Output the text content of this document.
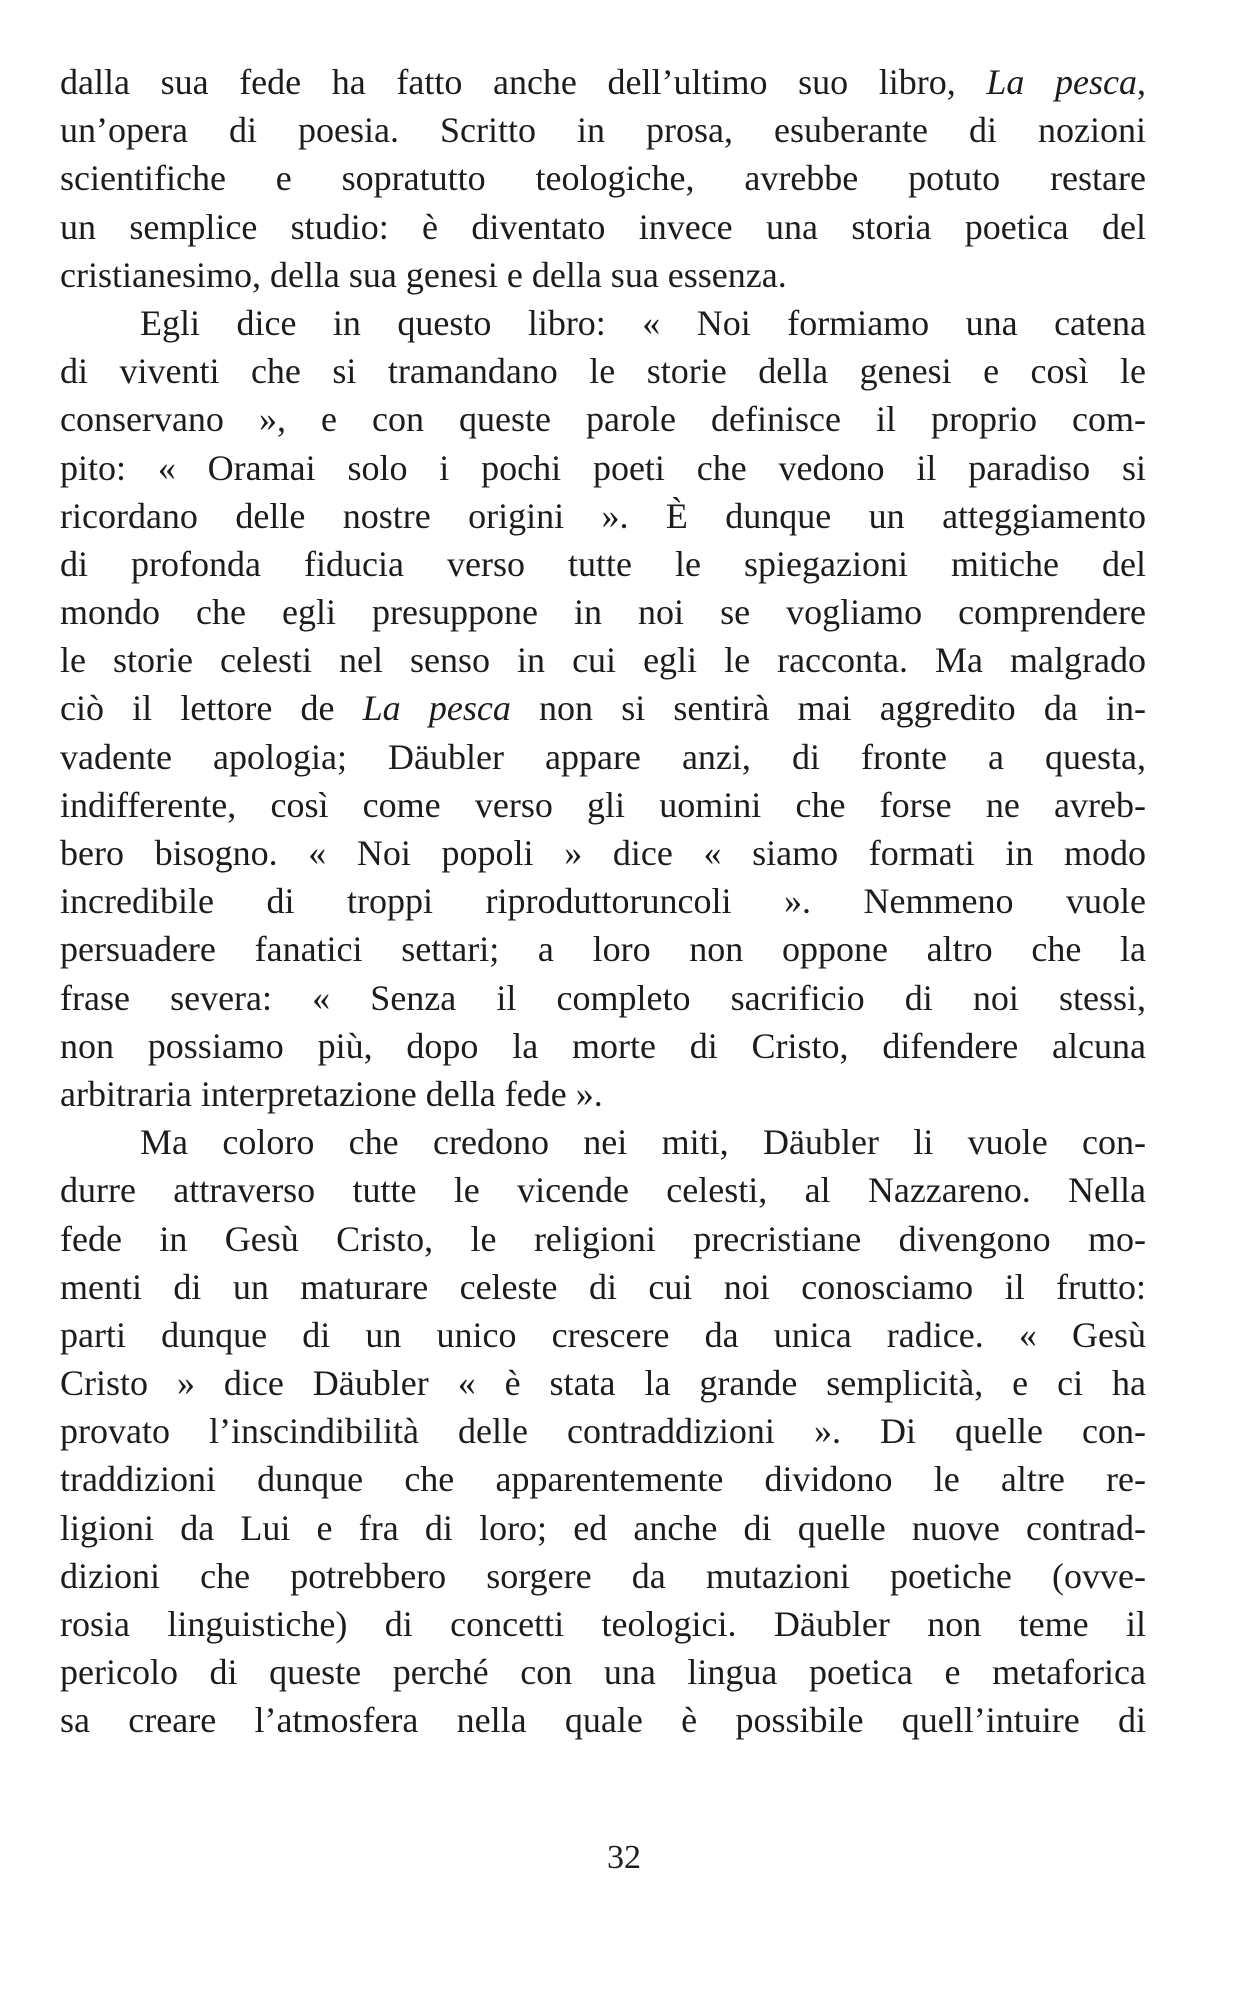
dalla sua fede ha fatto anche dell’ultimo suo libro, La pesca,
un’opera di poesia. Scritto in prosa, esuberante di nozioni
scientifiche e sopratutto teologiche, avrebbe potuto restare
un semplice studio: è diventato invece una storia poetica del
cristianesimo, della sua genesi e della sua essenza.
Egli dice in questo libro: « Noi formiamo una catena
di viventi che si tramandano le storie della genesi e così le
conservano », e con queste parole definisce il proprio com-
pito: « Oramai solo i pochi poeti che vedono il paradiso si
ricordano delle nostre origini ». È dunque un atteggiamento
di profonda fiducia verso tutte le spiegazioni mitiche del
mondo che egli presuppone in noi se vogliamo comprendere
le storie celesti nel senso in cui egli le racconta. Ma malgrado
ciò il lettore de La pesca non si sentirà mai aggredito da in-
vadente apologia; Däubler appare anzi, di fronte a questa,
indifferente, così come verso gli uomini che forse ne avreb-
bero bisogno. « Noi popoli » dice « siamo formati in modo
incredibile di troppi riproduttoruncoli ». Nemmeno vuole
persuadere fanatici settari; a loro non oppone altro che la
frase severa: « Senza il completo sacrificio di noi stessi,
non possiamo più, dopo la morte di Cristo, difendere alcuna
arbitraria interpretazione della fede ».
Ma coloro che credono nei miti, Däubler li vuole con-
durre attraverso tutte le vicende celesti, al Nazzareno. Nella
fede in Gesù Cristo, le religioni precristiane divengono mo-
menti di un maturare celeste di cui noi conosciamo il frutto:
parti dunque di un unico crescere da unica radice. « Gesù
Cristo » dice Däubler « è stata la grande semplicità, e ci ha
provato l’inscindibilità delle contraddizioni ». Di quelle con-
traddizioni dunque che apparentemente dividono le altre re-
ligioni da Lui e fra di loro; ed anche di quelle nuove contrad-
dizioni che potrebbero sorgere da mutazioni poetiche (ovve-
rosia linguistiche) di concetti teologici. Däubler non teme il
pericolo di queste perché con una lingua poetica e metaforica
sa creare l’atmosfera nella quale è possibile quell’intuire di
32
